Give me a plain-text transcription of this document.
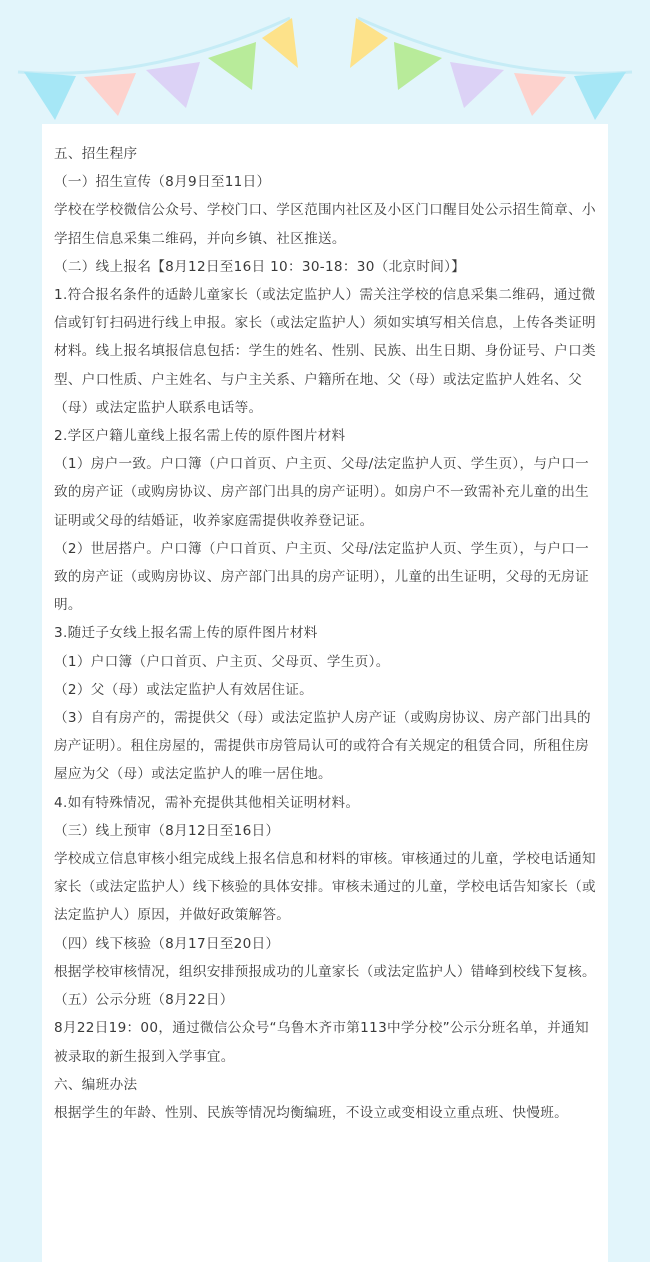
五、招生程序

（一）招生宣传（8月9日至11日）

学校在学校微信公众号、学校门口、学区范围内社区及小区门口醒目处公示招生简章、小学招生信息采集二维码，并向乡镇、社区推送。

（二）线上报名【8月12日至16日 10：30-18：30（北京时间）】

1.符合报名条件的适龄儿童家长（或法定监护人）需关注学校的信息采集二维码，通过微信或钉钉扫码进行线上申报。家长（或法定监护人）须如实填写相关信息，上传各类证明材料。线上报名填报信息包括：学生的姓名、性别、民族、出生日期、身份证号、户口类型、户口性质、户主姓名、与户主关系、户籍所在地、父（母）或法定监护人姓名、父（母）或法定监护人联系电话等。

2.学区户籍儿童线上报名需上传的原件图片材料

（1）房户一致。户口簿（户口首页、户主页、父母/法定监护人页、学生页），与户口一致的房产证（或购房协议、房产部门出具的房产证明）。如房户不一致需补充儿童的出生证明或父母的结婚证，收养家庭需提供收养登记证。

（2）世居搭户。户口簿（户口首页、户主页、父母/法定监护人页、学生页），与户口一致的房产证（或购房协议、房产部门出具的房产证明），儿童的出生证明，父母的无房证明。

3.随迁子女线上报名需上传的原件图片材料

（1）户口簿（户口首页、户主页、父母页、学生页）。

（2）父（母）或法定监护人有效居住证。

（3）自有房产的，需提供父（母）或法定监护人房产证（或购房协议、房产部门出具的房产证明）。租住房屋的，需提供市房管局认可的或符合有关规定的租赁合同，所租住房屋应为父（母）或法定监护人的唯一居住地。

4.如有特殊情况，需补充提供其他相关证明材料。

（三）线上预审（8月12日至16日）

学校成立信息审核小组完成线上报名信息和材料的审核。审核通过的儿童，学校电话通知家长（或法定监护人）线下核验的具体安排。审核未通过的儿童，学校电话告知家长（或法定监护人）原因，并做好政策解答。

（四）线下核验（8月17日至20日）

根据学校审核情况，组织安排预报成功的儿童家长（或法定监护人）错峰到校线下复核。

（五）公示分班（8月22日）

8月22日19：00，通过微信公众号“乌鲁木齐市第113中学分校”公示分班名单，并通知被录取的新生报到入学事宜。

六、编班办法

根据学生的年龄、性别、民族等情况均衡编班，不设立或变相设立重点班、快慢班。
